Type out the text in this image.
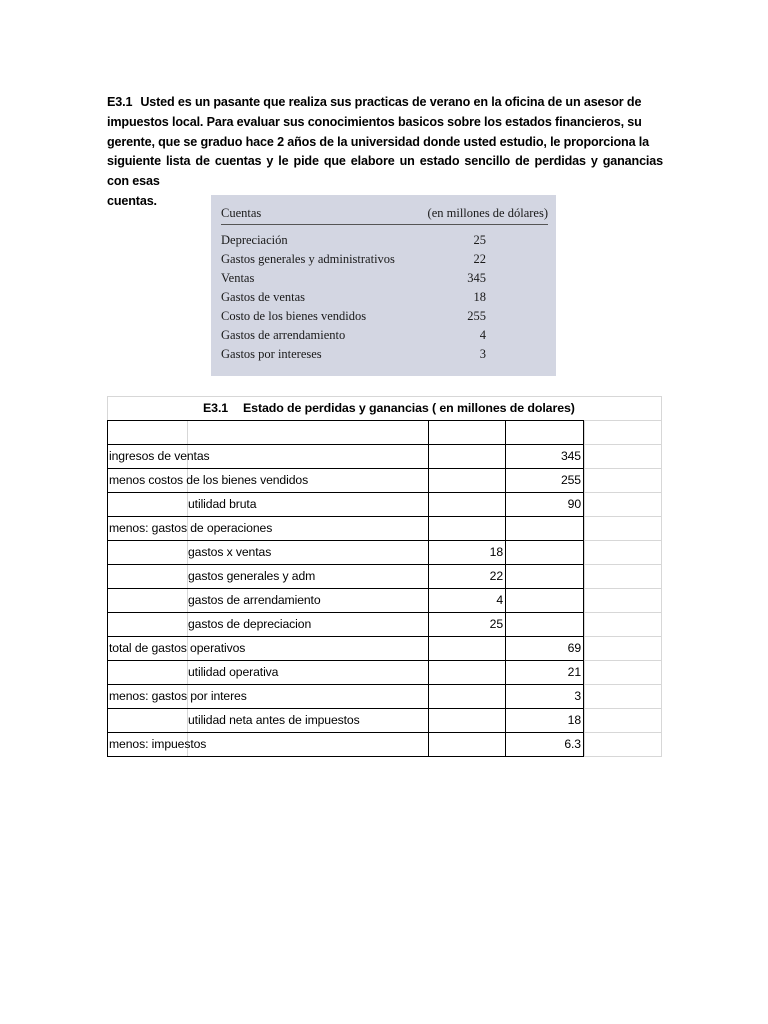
E3.1 Usted es un pasante que realiza sus practicas de verano en la oficina de un asesor de
impuestos local. Para evaluar sus conocimientos basicos sobre los estados financieros, su
gerente, que se graduo hace 2 años de la universidad donde usted estudio, le proporciona la
siguiente lista de cuentas y le pide que elabore un estado sencillo de perdidas y ganancias con esas
cuentas.
Cuentas	(en millones de dólares)
Depreciación	25
Gastos generales y administrativos	22
Ventas	345
Gastos de ventas	18
Costo de los bienes vendidos	255
Gastos de arrendamiento	4
Gastos por intereses	3
E3.1 Estado de perdidas y ganancias ( en millones de dolares)
ingresos de ventas	345
menos costos de los bienes vendidos	255
utilidad bruta	90
menos: gastos de operaciones
gastos x ventas	18
gastos generales y adm	22
gastos de arrendamiento	4
gastos de depreciacion	25
total de gastos operativos	69
utilidad operativa	21
menos: gastos por interes	3
utilidad neta antes de impuestos	18
menos: impuestos	6.3
